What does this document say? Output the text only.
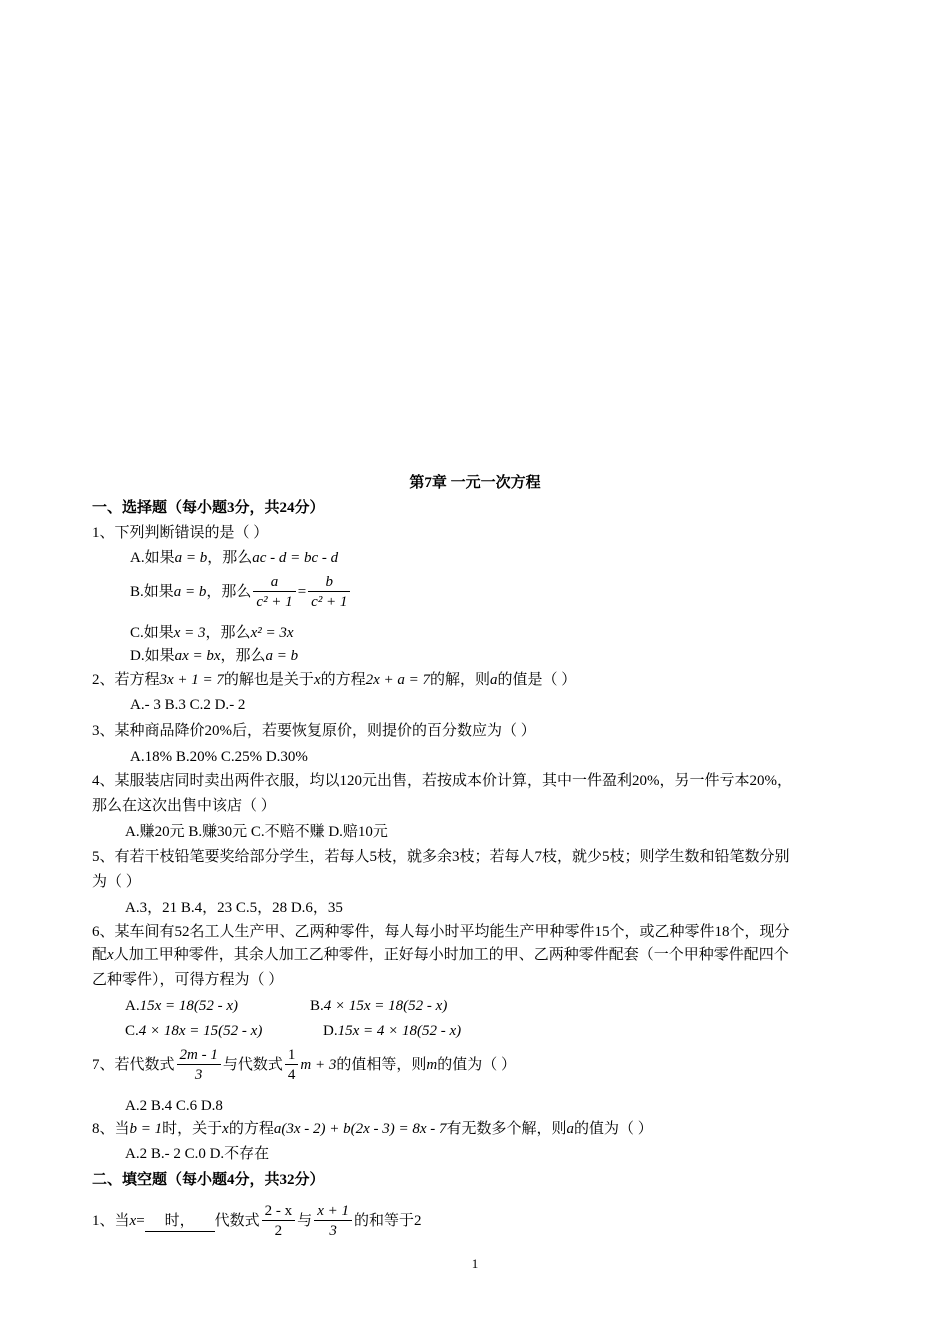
第7章 一元一次方程
一、选择题（每小题3分，共24分）
1、下列判断错误的是（ ）
A.如果a = b，那么ac - d = bc - d
B.如果a = b，那么 $\frac{a}{\text{c² + 1}} = \frac{b}{\text{c² + 1}}$
C.如果x = 3，那么x² = 3x
D.如果ax = bx，那么a = b
2、若方程3x + 1 = 7的解也是关于x的方程2x + a = 7的解，则a的值是（ ）
A.- 3 B.3 C.2 D.- 2
3、某种商品降价20%后，若要恢复原价，则提价的百分数应为（ ）
A.18% B.20% C.25% D.30%
4、某服装店同时卖出两件衣服，均以120元出售，若按成本价计算，其中一件盈利20%，另一件亏本20%，
那么在这次出售中该店（ ）
A.赚20元 B.赚30元 C.不赔不赚 D.赔10元
5、有若干枝铅笔要奖给部分学生，若每人5枝，就多余3枝；若每人7枝，就少5枝；则学生数和铅笔数分别
为（ ）
A.3，21 B.4，23 C.5，28 D.6，35
6、某车间有52名工人生产甲、乙两种零件，每人每小时平均能生产甲种零件15个，或乙种零件18个，现分
配x人加工甲种零件，其余人加工乙种零件，正好每小时加工的甲、乙两种零件配套（一个甲种零件配四个
乙种零件），可得方程为（ ）
A.15x = 18(52 - x)	B.4 × 15x = 18(52 - x)
C.4 × 18x = 15(52 - x)	D.15x = 4 × 18(52 - x)
7、若代数式 $\frac{2m - 1}{3}$ 与代数式 $\frac{1}{4}$ m + 3的值相等，则m的值为（ ）
A.2 B.4 C.6 D.8
8、当b = 1时，关于x的方程a(3x - 2) + b(2x - 3) = 8x - 7有无数多个解，则a的值为（ ）
A.2 B.- 2 C.0 D.不存在
二、填空题（每小题4分，共32分）
1、当x= 时， 代数式 $\frac{2 - x}{2}$ 与 $\frac{x + 1}{3}$ 的和等于2
1
